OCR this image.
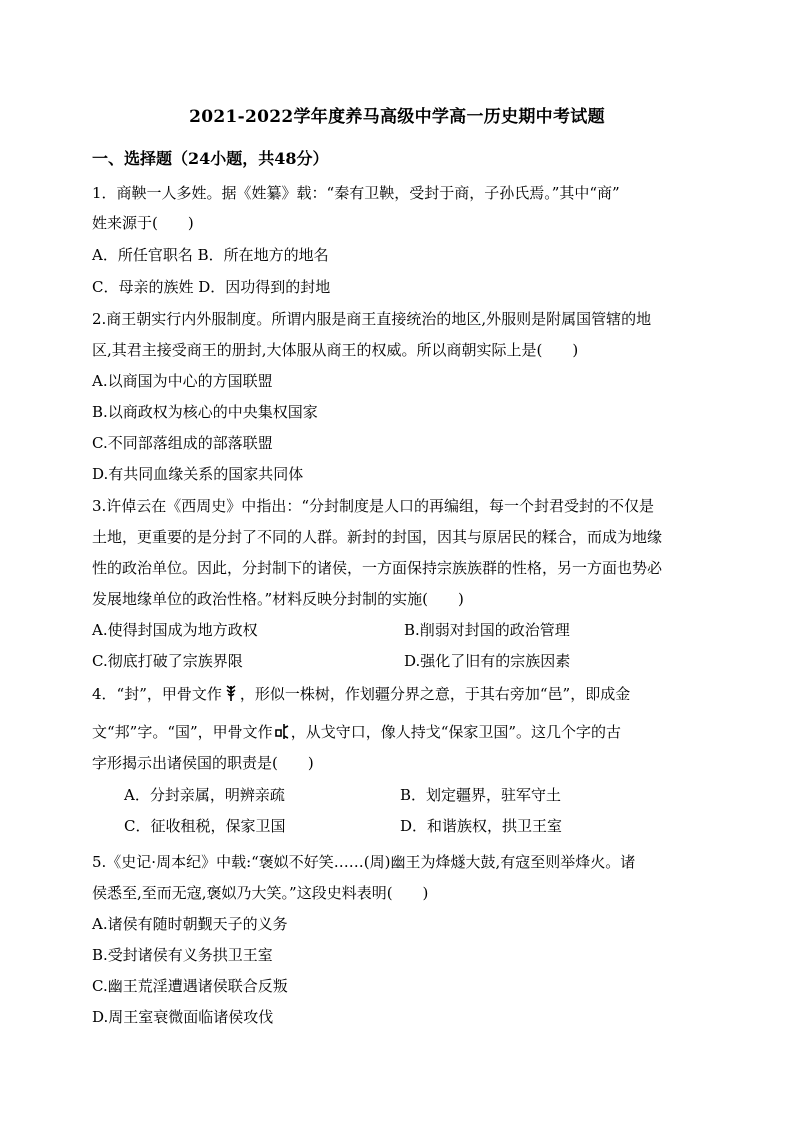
2021-2022学年度养马高级中学高一历史期中考试题
一、选择题（24小题，共48分）
1．商鞅一人多姓。据《姓纂》载：“秦有卫鞅，受封于商，子孙氏焉。”其中“商”
姓来源于(　　)
A．所任官职名 B．所在地方的地名
C．母亲的族姓 D．因功得到的封地
2.商王朝实行内外服制度。所谓内服是商王直接统治的地区,外服则是附属国管辖的地
区,其君主接受商王的册封,大体服从商王的权威。所以商朝实际上是(　　)
A.以商国为中心的方国联盟
B.以商政权为核心的中央集权国家
C.不同部落组成的部落联盟
D.有共同血缘关系的国家共同体
3.许倬云在《西周史》中指出：“分封制度是人口的再编组，每一个封君受封的不仅是
土地，更重要的是分封了不同的人群。新封的封国，因其与原居民的糅合，而成为地缘
性的政治单位。因此，分封制下的诸侯，一方面保持宗族族群的性格，另一方面也势必
发展地缘单位的政治性格。”材料反映分封制的实施(　　)
A.使得封国成为地方政权	B.削弱对封国的政治管理
C.彻底打破了宗族界限	D.强化了旧有的宗族因素
4．“封”，甲骨文作 ，形似一株树，作划疆分界之意，于其右旁加“邑”，即成金
文“邦”字。“国”，甲骨文作 ，从戈守口，像人持戈“保家卫国”。这几个字的古
字形揭示出诸侯国的职责是(　　)
A．分封亲属，明辨亲疏	B．划定疆界，驻军守土
C．征收租税，保家卫国	D．和谐族权，拱卫王室
5.《史记·周本纪》中载:“褒姒不好笑……(周)幽王为烽燧大鼓,有寇至则举烽火。诸
侯悉至,至而无寇,褒姒乃大笑。”这段史料表明(　　)
A.诸侯有随时朝觐天子的义务
B.受封诸侯有义务拱卫王室
C.幽王荒淫遭遇诸侯联合反叛
D.周王室衰微面临诸侯攻伐
